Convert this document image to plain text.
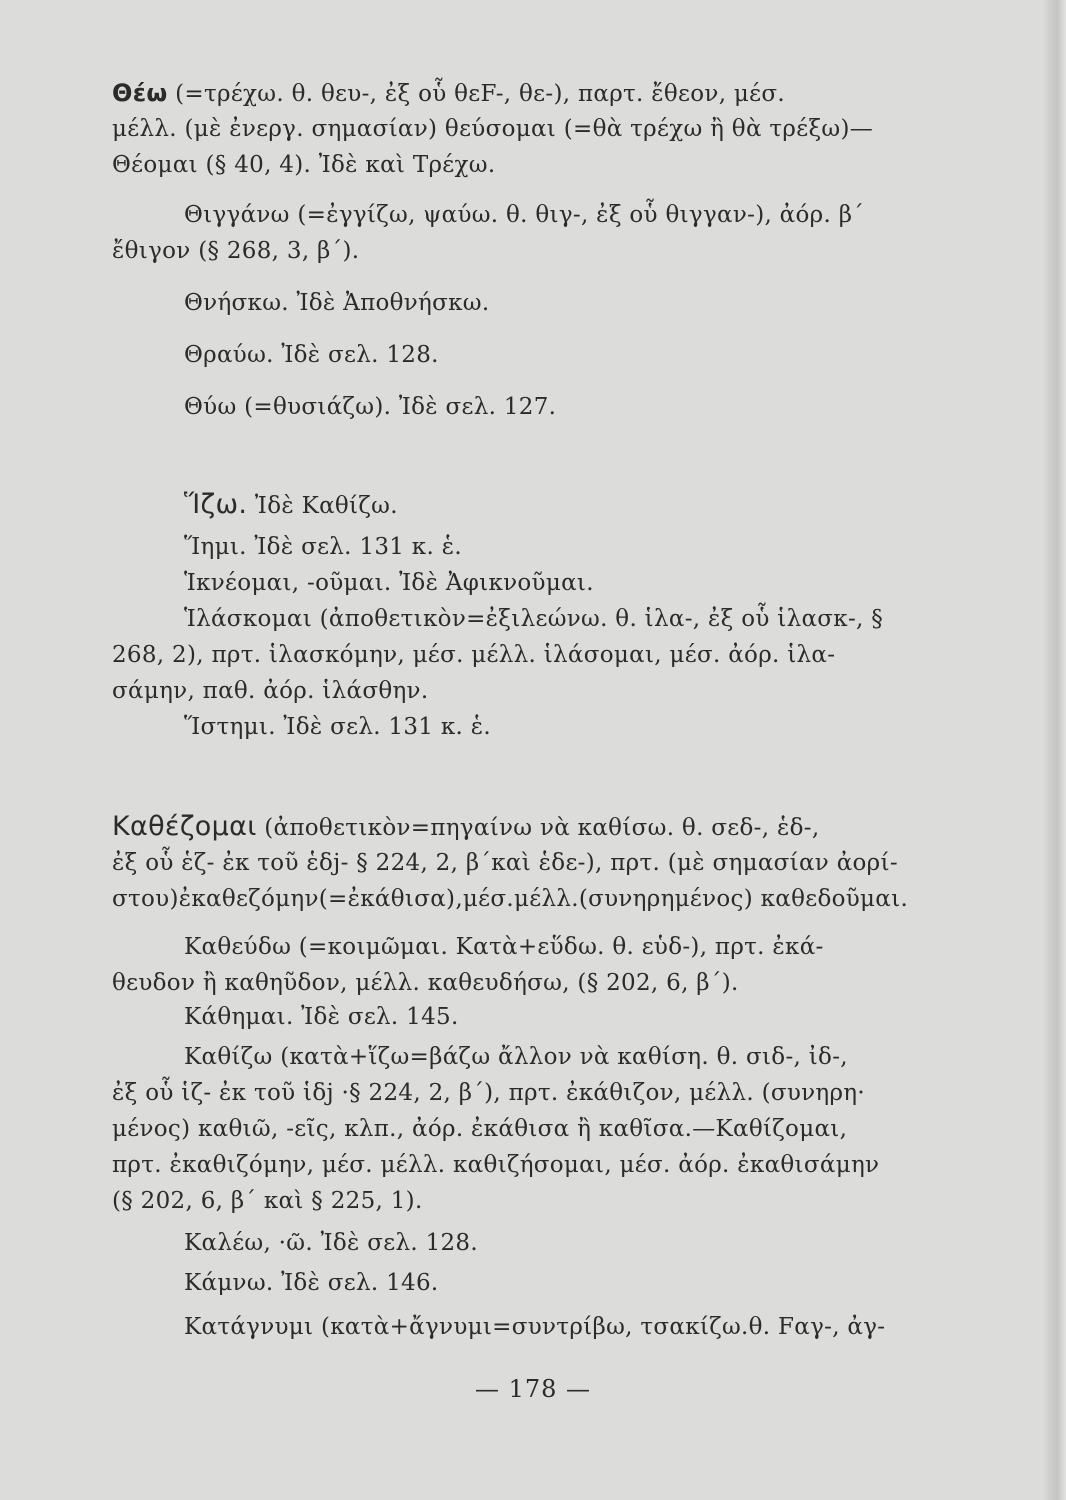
Θέω (=τρέχω. θ. θευ-, ἐξ οὗ θεF-, θε-), παρτ. ἔθεον, μέσ.
μέλλ. (μὲ ἐνεργ. σημασίαν) θεύσομαι (=θὰ τρέχω ἢ θὰ τρέξω)—
Θέομαι (§ 40, 4). Ἰδὲ καὶ Τρέχω.
Θιγγάνω (=ἐγγίζω, ψαύω. θ. θιγ-, ἐξ οὗ θιγγαν-), ἀόρ. β΄
ἔθιγον (§ 268, 3, β΄).
Θνήσκω. Ἰδὲ Ἀποθνήσκω.
Θραύω. Ἰδὲ σελ. 128.
Θύω (=θυσιάζω). Ἰδὲ σελ. 127.
Ἵζω. Ἰδὲ Καθίζω.
Ἵημι. Ἰδὲ σελ. 131 κ. ἑ.
Ἱκνέομαι, -οῦμαι. Ἰδὲ Ἀφικνοῦμαι.
Ἱλάσκομαι (ἀποθετικὸν=ἐξιλεώνω. θ. ἱλα-, ἐξ οὗ ἱλασκ-, §
268, 2), πρτ. ἱλασκόμην, μέσ. μέλλ. ἱλάσομαι, μέσ. ἀόρ. ἱλα-
σάμην, παθ. ἀόρ. ἱλάσθην.
Ἵστημι. Ἰδὲ σελ. 131 κ. ἑ.
Καθέζομαι (ἀποθετικὸν=πηγαίνω νὰ καθίσω. θ. σεδ-, ἑδ-,
ἐξ οὗ ἑζ- ἐκ τοῦ ἑδj- § 224, 2, β΄καὶ ἑδε-), πρτ. (μὲ σημασίαν ἀορί-
στου)ἐκαθεζόμην(=ἐκάθισα),μέσ.μέλλ.(συνηρημένος) καθεδοῦμαι.
Καθεύδω (=κοιμῶμαι. Κατὰ+εὕδω. θ. εὑδ-), πρτ. ἐκά-
θευδον ἢ καθηῦδον, μέλλ. καθευδήσω, (§ 202, 6, β΄).
Κάθημαι. Ἰδὲ σελ. 145.
Καθίζω (κατὰ+ἵζω=βάζω ἄλλον νὰ καθίση. θ. σιδ-, ἰδ-,
ἐξ οὗ ἱζ- ἐκ τοῦ ἱδj ·§ 224, 2, β΄), πρτ. ἐκάθιζον, μέλλ. (συνηρη·
μένος) καθιῶ, -εῖς, κλπ., ἀόρ. ἐκάθισα ἢ καθῖσα.—Καθίζομαι,
πρτ. ἐκαθιζόμην, μέσ. μέλλ. καθιζήσομαι, μέσ. ἀόρ. ἐκαθισάμην
(§ 202, 6, β΄ καὶ § 225, 1).
Καλέω, ·ῶ. Ἰδὲ σελ. 128.
Κάμνω. Ἰδὲ σελ. 146.
Κατάγνυμι (κατὰ+ἄγνυμι=συντρίβω, τσακίζω.θ. Fαγ-, ἀγ-
— 178 —
